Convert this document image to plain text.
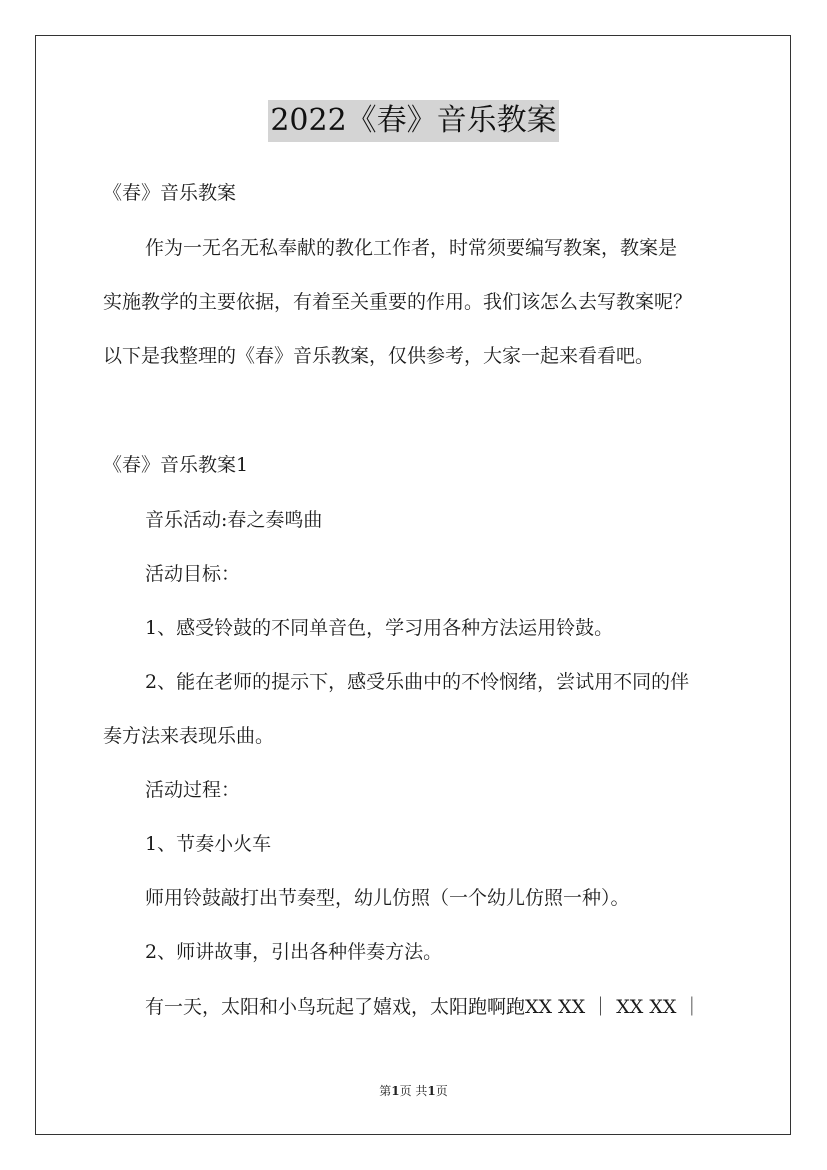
2022《春》音乐教案
《春》音乐教案
作为一无名无私奉献的教化工作者，时常须要编写教案，教案是
实施教学的主要依据，有着至关重要的作用。我们该怎么去写教案呢？
以下是我整理的《春》音乐教案，仅供参考，大家一起来看看吧。
《春》音乐教案1
音乐活动:春之奏鸣曲
活动目标：
1、感受铃鼓的不同单音色，学习用各种方法运用铃鼓。
2、能在老师的提示下，感受乐曲中的不怜悯绪，尝试用不同的伴
奏方法来表现乐曲。
活动过程：
1、节奏小火车
师用铃鼓敲打出节奏型，幼儿仿照（一个幼儿仿照一种）。
2、师讲故事，引出各种伴奏方法。
有一天，太阳和小鸟玩起了嬉戏，太阳跑啊跑XX XX ｜ XX XX ｜
第1页 共1页
